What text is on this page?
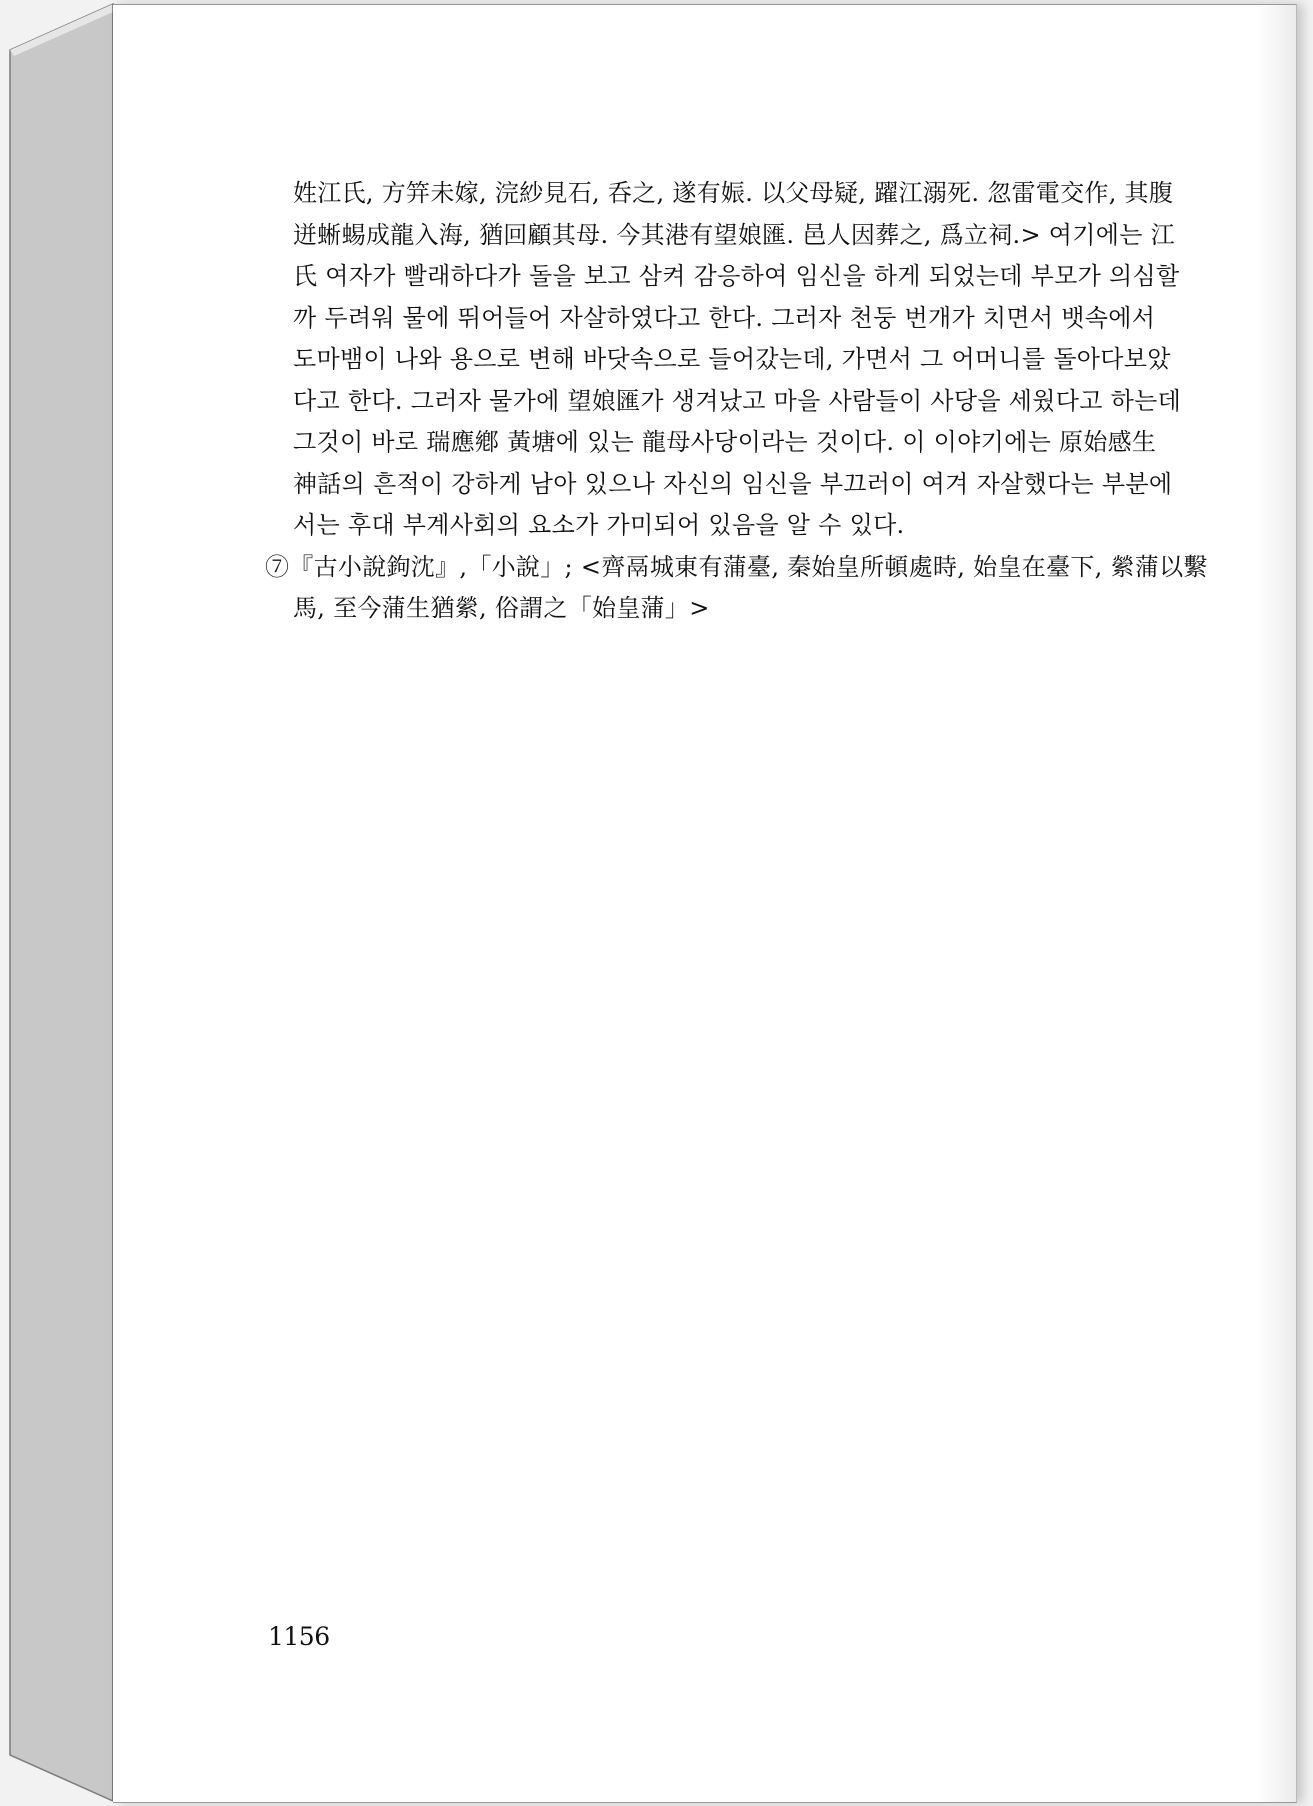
姓江氏, 方笄未嫁, 浣紗見石, 呑之, 遂有娠. 以父母疑, 躍江溺死. 忽雷電交作, 其腹
迸蜥蜴成龍入海, 猶回顧其母. 今其港有望娘匯. 邑人因葬之, 爲立祠.> 여기에는 江
氏 여자가 빨래하다가 돌을 보고 삼켜 감응하여 임신을 하게 되었는데 부모가 의심할
까 두려워 물에 뛰어들어 자살하였다고 한다. 그러자 천둥 번개가 치면서 뱃속에서
도마뱀이 나와 용으로 변해 바닷속으로 들어갔는데, 가면서 그 어머니를 돌아다보았
다고 한다. 그러자 물가에 望娘匯가 생겨났고 마을 사람들이 사당을 세웠다고 하는데
그것이 바로 瑞應鄕 黃塘에 있는 龍母사당이라는 것이다. 이 이야기에는 原始感生
神話의 흔적이 강하게 남아 있으나 자신의 임신을 부끄러이 여겨 자살했다는 부분에
서는 후대 부계사회의 요소가 가미되어 있음을 알 수 있다.
⑦『古小說鉤沈』,「小說」; <齊鬲城東有蒲臺, 秦始皇所頓處時, 始皇在臺下, 縈蒲以繫
馬, 至今蒲生猶縈, 俗謂之「始皇蒲」>
1156
